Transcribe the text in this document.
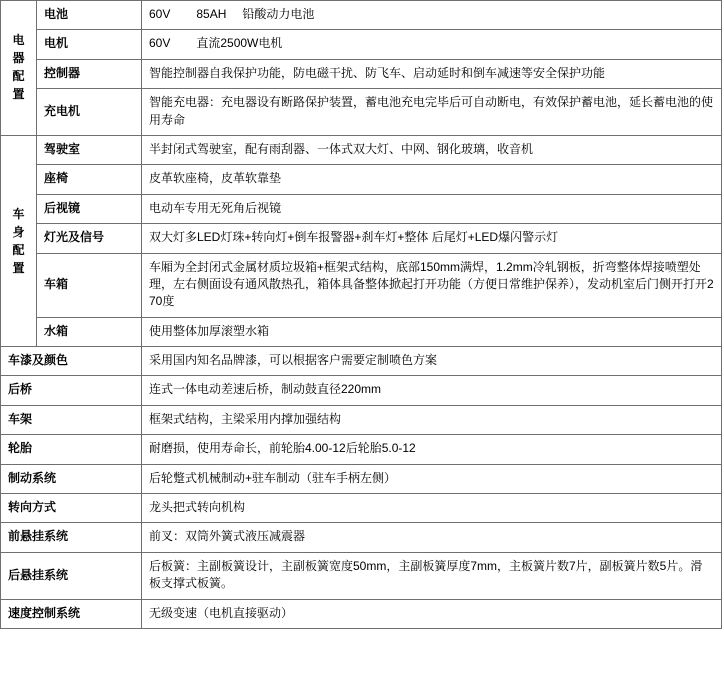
电器
配置	电池	60V 85AH 铅酸动力电池
	电机	60V 直流2500W电机
	控制器	智能控制器自我保护功能，防电磁干扰、防飞车、启动延时和倒车减速等安全保护功能
	充电机	智能充电器：充电器设有断路保护装置，蓄电池充电完毕后可自动断电，有效保护蓄电池，延长蓄电池的使用寿命

车身
配置	驾驶室	半封闭式驾驶室，配有雨刮器、一体式双大灯、中网、钢化玻璃，收音机
	座椅	皮革软座椅，皮革软靠垫
	后视镜	电动车专用无死角后视镜
	灯光及信号	双大灯多LED灯珠+转向灯+倒车报警器+刹车灯+整体 后尾灯+LED爆闪警示灯
	车箱	车厢为全封闭式金属材质垃圾箱+框架式结构，底部150mm满焊，1.2mm冷轧钢板，折弯整体焊接喷塑处理，左右侧面设有通风散热孔，箱体具备整体掀起打开功能（方便日常维护保养），发动机室后门侧开打开270度
	水箱	使用整体加厚滚塑水箱
车漆及颜色		采用国内知名品牌漆，可以根据客户需要定制喷色方案
后桥		连式一体电动差速后桥，制动鼓直径220mm
车架		框架式结构，主梁采用内撑加强结构
轮胎		耐磨损，使用寿命长，前轮胎4.00-12后轮胎5.0-12
制动系统		后轮蹩式机械制动+驻车制动（驻车手柄左侧）
转向方式		龙头把式转向机构
前悬挂系统		前叉：双筒外簧式液压减震器
后悬挂系统		后板簧：主副板簧设计，主副板簧宽度50mm，主副板簧厚度7mm，主板簧片数7片，副板簧片数5片。滑板支撑式板簧。
速度控制系统		无级变速（电机直接驱动）
